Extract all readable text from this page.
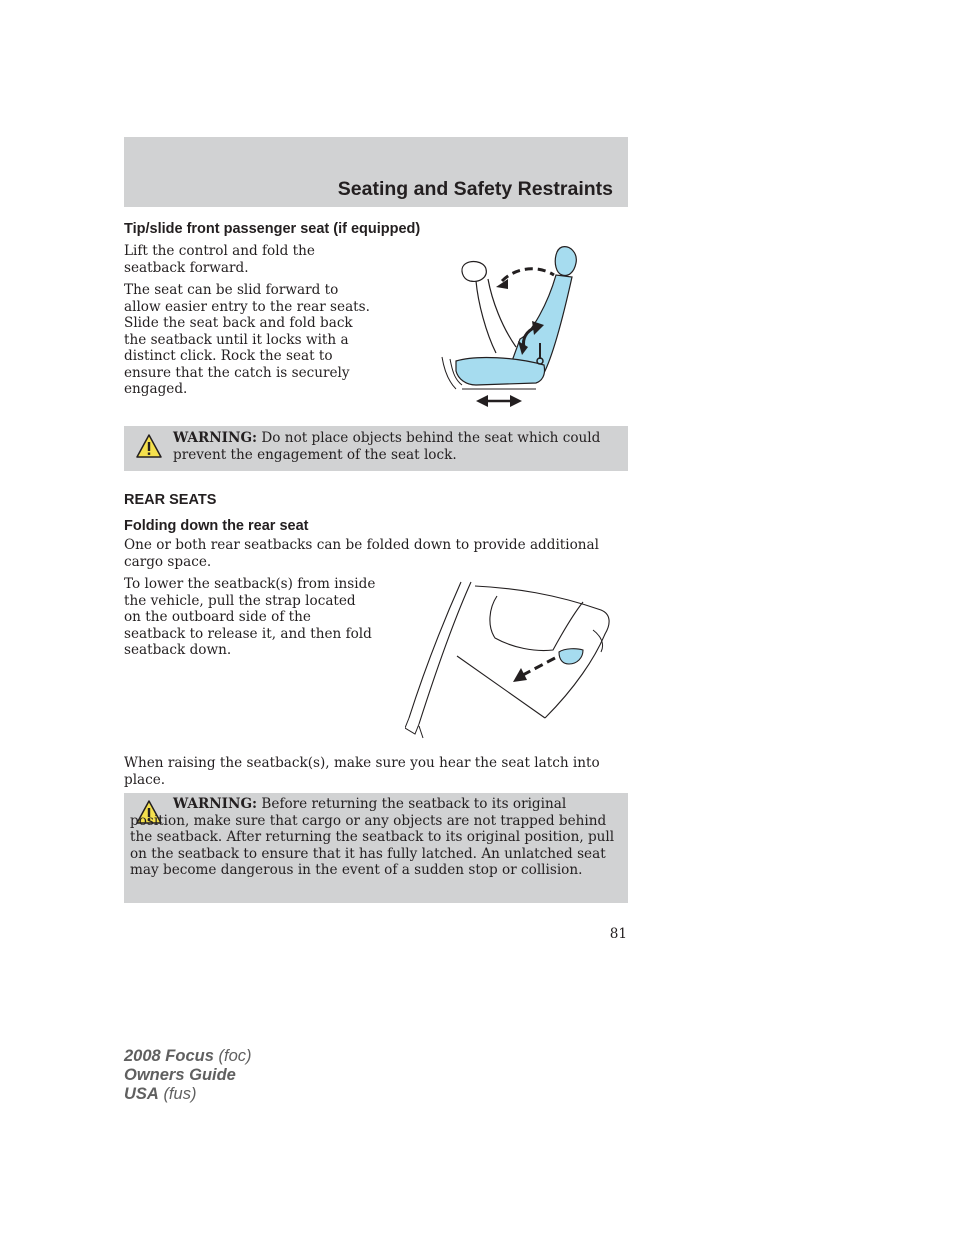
Seating and Safety Restraints
Tip/slide front passenger seat (if equipped)
Lift the control and fold the seatback forward.
The seat can be slid forward to allow easier entry to the rear seats. Slide the seat back and fold back the seatback until it locks with a distinct click. Rock the seat to ensure that the catch is securely engaged.
WARNING: Do not place objects behind the seat which could prevent the engagement of the seat lock.
REAR SEATS
Folding down the rear seat
One or both rear seatbacks can be folded down to provide additional cargo space.
To lower the seatback(s) from inside the vehicle, pull the strap located on the outboard side of the seatback to release it, and then fold seatback down.
When raising the seatback(s), make sure you hear the seat latch into place.
WARNING: Before returning the seatback to its original position, make sure that cargo or any objects are not trapped behind the seatback. After returning the seatback to its original position, pull on the seatback to ensure that it has fully latched. An unlatched seat may become dangerous in the event of a sudden stop or collision.
81
2008 Focus (foc)
Owners Guide
USA (fus)
